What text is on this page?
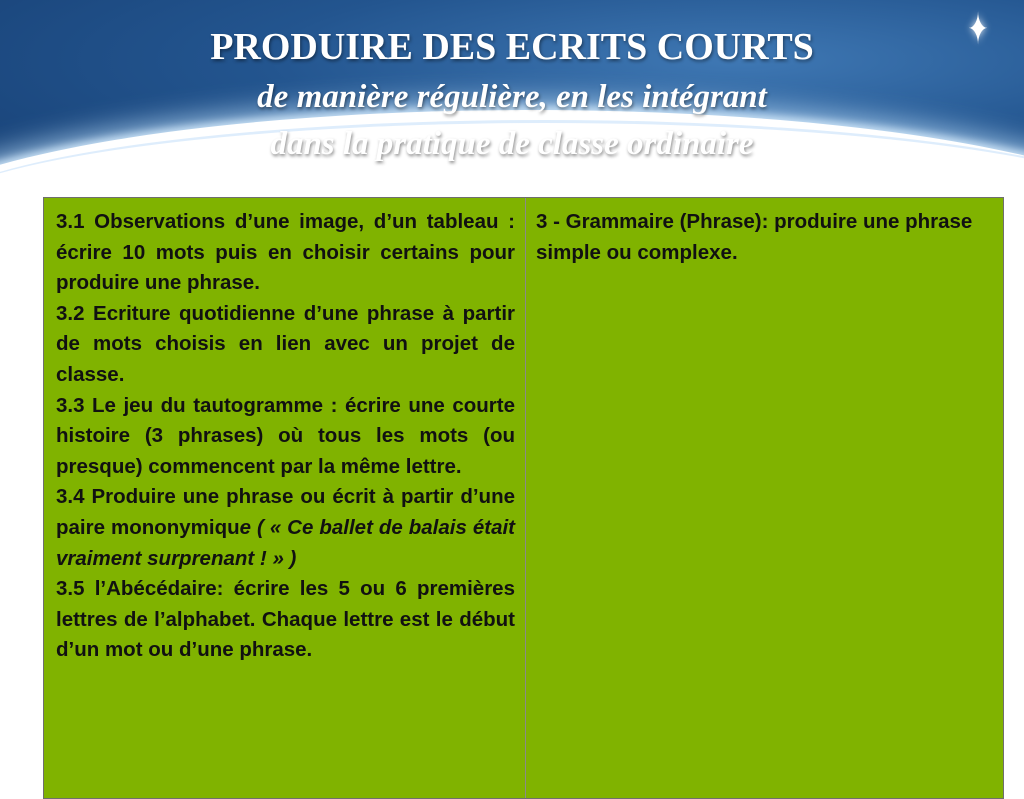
✦
PRODUIRE DES ECRITS COURTS
de manière régulière, en les intégrant
dans la pratique de classe ordinaire

3.1 Observations d’une image, d’un tableau : écrire 10 mots puis en choisir certains pour produire une phrase.

3.2 Ecriture quotidienne d’une phrase à partir de mots choisis en lien avec un projet de classe.

3.3 Le jeu du tautogramme : écrire une courte histoire (3 phrases) où tous les mots (ou presque) commencent par la même lettre.

3.4 Produire une phrase ou écrit à partir d’une paire mononymique ( « Ce ballet de balais était vraiment surprenant ! » )

3.5 l’Abécédaire: écrire les 5 ou 6 premières lettres de l’alphabet. Chaque lettre est le début d’un mot ou d’une phrase.

3 - Grammaire (Phrase): produire une phrase simple ou complexe.
